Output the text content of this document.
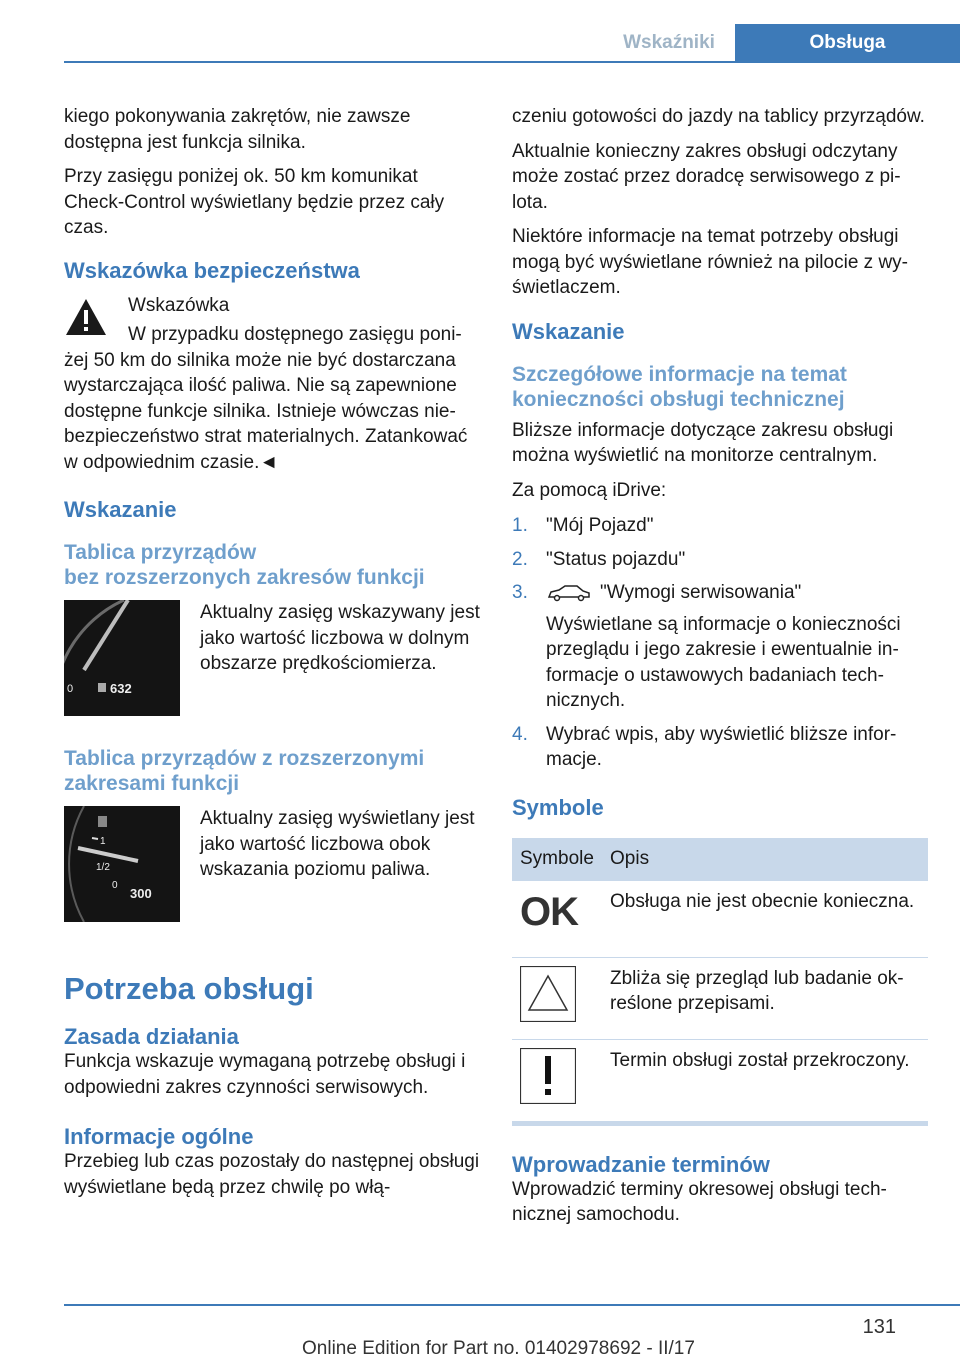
Wskaźniki	Obsługa

kiego pokonywania zakrętów, nie zawsze dostępna jest funkcja silnika.

Przy zasięgu poniżej ok. 50 km komunikat Check-Control wyświetlany będzie przez cały czas.

Wskazówka bezpieczeństwa
Wskazówka
W przypadku dostępnego zasięgu poni-

żej 50 km do silnika może nie być dostarczana wystarczająca ilość paliwa. Nie są zapewnione dostępne funkcje silnika. Istnieje wówczas niebezpieczeństwo strat materialnych. Zatankować w odpowiednim czasie.◄

Wskazanie
Tablica przyrządów
bez rozszerzonych zakresów funkcji
0	632
Aktualny zasięg wskazywany jest jako wartość liczbowa w dolnym obszarze prędkościomierza.
Tablica przyrządów z rozszerzonymi zakresami funkcji
1
1/2
0
300
Aktualny zasięg wyświetlany jest jako wartość liczbowa obok wskazania poziomu paliwa.
Potrzeba obsługi
Zasada działania

Funkcja wskazuje wymaganą potrzebę obsługi i odpowiedni zakres czynności serwisowych.

Informacje ogólne

Przebieg lub czas pozostały do następnej obsługi wyświetlane będą przez chwilę po włą-

czeniu gotowości do jazdy na tablicy przyrządów.

Aktualnie konieczny zakres obsługi odczytany może zostać przez doradcę serwisowego z pilota.

Niektóre informacje na temat potrzeby obsługi mogą być wyświetlane również na pilocie z wyświetlaczem.

Wskazanie
Szczegółowe informacje na temat konieczności obsługi technicznej

Bliższe informacje dotyczące zakresu obsługi można wyświetlić na monitorze centralnym.

Za pomocą iDrive:

1. "Mój Pojazd"
2. "Status pojazdu"
3.	"Wymogi serwisowania"
Wyświetlane są informacje o konieczności przeglądu i jego zakresie i ewentualnie informacje o ustawowych badaniach technicznych.
4. Wybrać wpis, aby wyświetlić bliższe informacje.
Symbole
Symbole	Opis
OK	Obsługa nie jest obecnie konieczna.
	Zbliża się przegląd lub badanie określone przepisami.
	Termin obsługi został przekroczony.
Wprowadzanie terminów

Wprowadzić terminy okresowej obsługi technicznej samochodu.

131
Online Edition for Part no. 01402978692 - II/17
